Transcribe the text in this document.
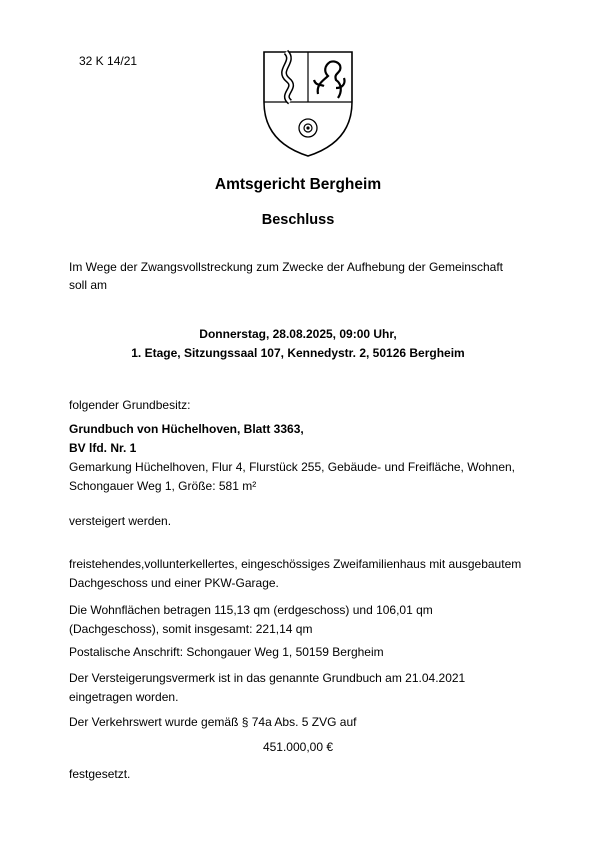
32 K 14/21
Amtsgericht Bergheim
Beschluss
Im Wege der Zwangsvollstreckung zum Zwecke der Aufhebung der Gemeinschaft
soll am
Donnerstag, 28.08.2025, 09:00 Uhr,
1. Etage, Sitzungssaal 107, Kennedystr. 2, 50126 Bergheim
folgender Grundbesitz:
Grundbuch von Hüchelhoven, Blatt 3363,
BV lfd. Nr. 1
Gemarkung Hüchelhoven, Flur 4, Flurstück 255, Gebäude- und Freifläche, Wohnen,
Schongauer Weg 1, Größe: 581 m²
versteigert werden.
freistehendes,vollunterkellertes, eingeschössiges Zweifamilienhaus mit ausgebautem
Dachgeschoss und einer PKW-Garage.
Die Wohnflächen betragen 115,13 qm (erdgeschoss) und 106,01 qm
(Dachgeschoss), somit insgesamt: 221,14 qm
Postalische Anschrift: Schongauer Weg 1, 50159 Bergheim
Der Versteigerungsvermerk ist in das genannte Grundbuch am 21.04.2021
eingetragen worden.
Der Verkehrswert wurde gemäß § 74a Abs. 5 ZVG auf
451.000,00 €
festgesetzt.
